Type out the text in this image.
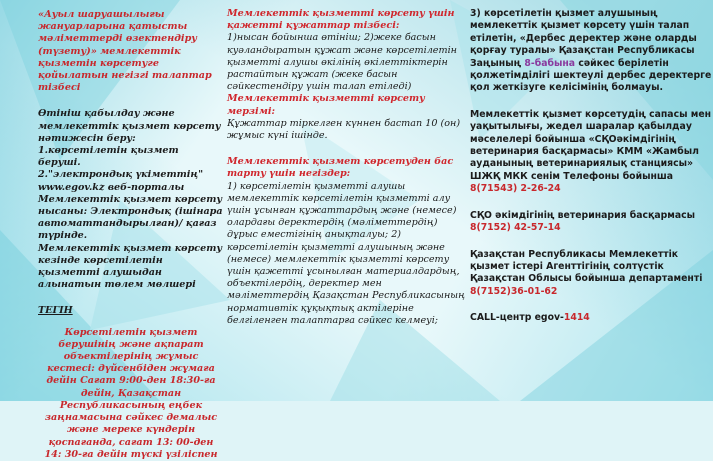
«Ауыл шаруашылығы жануарларына қатысты мәліметтерді өзектендіру (түзету)» мемлекеттік қызметін көрсетуге қойылатын негізгі талаптар тізбесі

Өтініш қабылдау және мемлекеттік қызмет көрсету нәтижесін беру:

1.көрсетілетін қызмет беруші.

2."электрондық үкіметтің" www.egov.kz веб-порталы

Мемлекеттік қызмет көрсету нысаны: Электрондық (ішінара автоматтандырылған)/ қағаз түрінде.

Мемлекеттік қызмет көрсету кезінде көрсетілетін қызметті алушыдан алынатын төлем мөлшері

ТЕГІН

Көрсетілетін қызмет берушінің және ақпарат объектілерінің жұмыс кестесі: дүйсенбіден жұмаға дейін Сағат 9:00-ден 18:30-ға дейін, Қазақстан Республикасының еңбек заңнамасына сәйкес демалыс және мереке күндерін қоспағанда, сағат 13: 00-ден 14: 30-ға дейін түскі үзіліспен

Мемлекеттік қызметті көрсету үшін қажетті құжаттар тізбесі:

1)нысан бойынша өтініш; 2)жеке басын куәландыратын құжат және көрсетілетін қызметті алушы өкілінің өкілеттіктерін растайтын құжат (жеке басын сәйкестендіру үшін талап етіледі)

Мемлекеттік қызметті көрсету мерзімі:

Құжаттар тіркелген күннен бастап 10 (он) жұмыс күні ішінде.

Мемлекеттік қызмет көрсетуден бас тарту үшін негіздер:

1) көрсетілетін қызметті алушы мемлекеттік көрсетілетін қызметті алу үшін ұсынған құжаттардың және (немесе) олардағы деректердің (мәліметтердің) дұрыс еместігінің анықталуы; 2) көрсетілетін қызметті алушының және (немесе) мемлекеттік қызметті көрсету үшін қажетті ұсынылған материалдардың, объектілердің, деректер мен мәліметтердің Қазақстан Республикасының нормативтік құқықтық актілеріне белгіленген талаптарға сәйкес келмеуі;

3) көрсетілетін қызмет алушының мемлекеттік қызмет көрсету үшін талап етілетін, «Дербес деректер және оларды қорғау туралы» Қазақстан Республикасы Заңының 8-бабына сәйкес берілетін қолжетімділігі шектеулі дербес деректерге қол жеткізуге келісімінің болмауы.

Мемлекеттік қызмет көрсетудің сапасы мен уақытылығы, жедел шаралар қабылдау мәселелері бойынша «СҚОәкімдігінің ветеринария басқармасы» КММ «Жамбыл ауданының ветеринариялық станциясы» ШЖҚ МКК сенім Телефоны бойынша

8(71543) 2-26-24

СҚО әкімдігінің ветеринария басқармасы

8(7152) 42-57-14

Қазақстан Республикасы Мемлекеттік қызмет істері Агенттігінің солтүстік Қазақстан Облысы бойынша департаменті

8(7152)36-01-62

CALL-центр egov-1414
